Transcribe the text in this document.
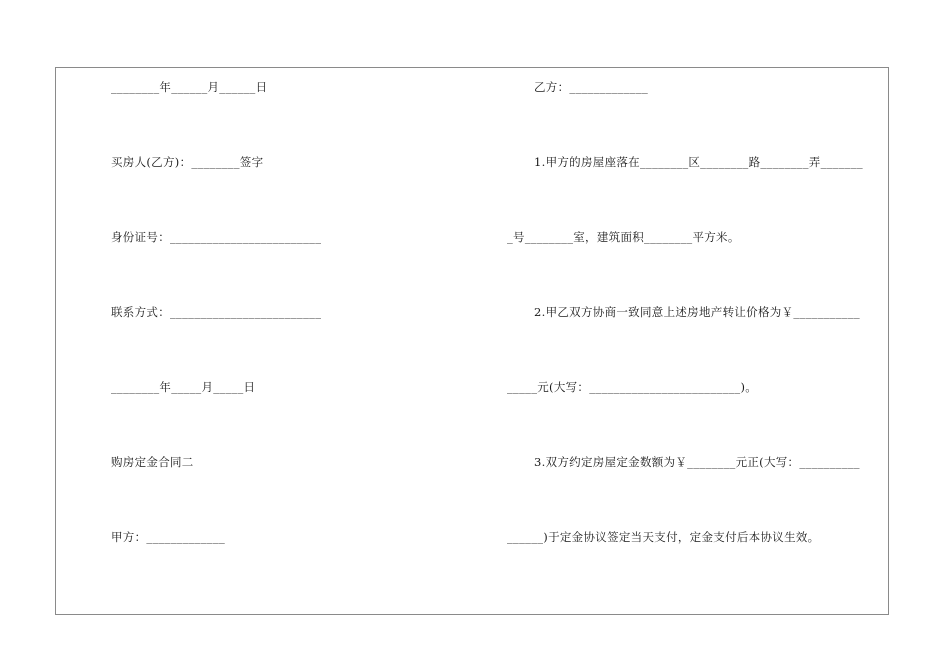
________年______月______日
买房人(乙方)：________签字
身份证号：_________________________
联系方式：_________________________
________年_____月_____日
购房定金合同二
甲方：_____________
乙方：_____________
1.甲方的房屋座落在________区________路________弄_______
_号________室，建筑面积________平方米。
2.甲乙双方协商一致同意上述房地产转让价格为￥___________
_____元(大写：_________________________)。
3.双方约定房屋定金数额为￥________元正(大写：__________
______)于定金协议签定当天支付，定金支付后本协议生效。
